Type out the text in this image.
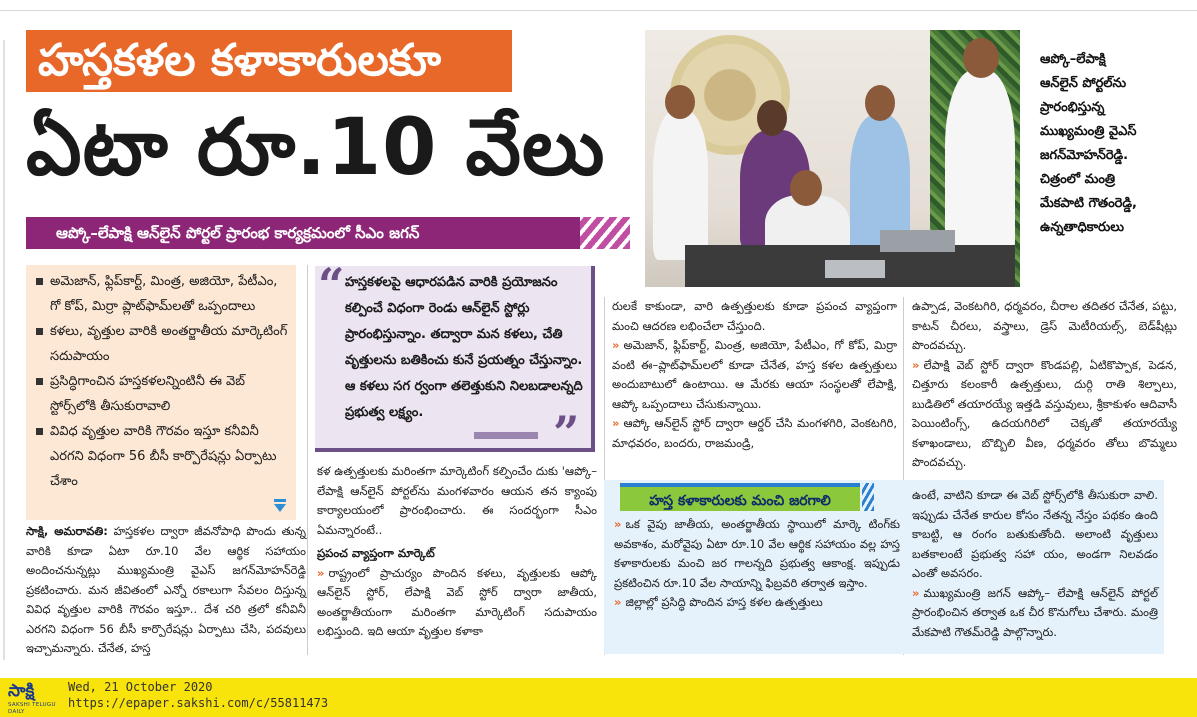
హస్తకళల కళాకారులకూ
ఏటా రూ.10 వేలు
ఆప్కో–లేపాక్షి ఆన్‌లైన్‌ పోర్టల్‌ ప్రారంభ కార్యక్రమంలో సీఎం జగన్‌
ఆప్కో–లేపాక్షి
ఆన్‌లైన్‌ పోర్టల్‌ను
ప్రారంభిస్తున్న
ముఖ్యమంత్రి వైఎస్‌
జగన్‌మోహన్‌రెడ్డి.
చిత్రంలో మంత్రి
మేకపాటి గౌతంరెడ్డి,
ఉన్నతాధికారులు
అమెజాన్, ఫ్లిప్‌కార్ట్, మింత్ర, అజియో, పేటీఎం, గో కోప్, మిర్రా ప్లాట్‌ఫామ్‌లతో ఒప్పందాలు
కళలు, వృత్తుల వారికి అంతర్జాతీయ మార్కెటింగ్‌ సదుపాయం
ప్రసిద్ధిగాంచిన హస్తకళలన్నింటినీ ఈ వెబ్‌ స్టోర్స్‌లోకి తీసుకురావాలి
వివిధ వృత్తుల వారికి గౌరవం ఇస్తూ కనీవినీ ఎరగని విధంగా 56 బీసీ కార్పొరేషన్లు ఏర్పాటు చేశాం
“ హస్తకళలపై ఆధారపడిన వారికి ప్రయోజనం కల్పించే విధంగా రెండు ఆన్‌లైన్‌ స్టోర్లు ప్రారంభిస్తున్నాం. తద్వారా మన కళలు, చేతి వృత్తులను బతికించు కునే ప్రయత్నం చేస్తున్నాం. ఆ కళలు సగ ర్వంగా తలెత్తుకుని నిలబడాలన్నది ప్రభుత్వ లక్ష్యం.	”

సాక్షి, అమరావతి: హస్తకళల ద్వారా జీవనోపాధి పొందు తున్న వారికి కూడా ఏటా రూ.10 వేల ఆర్థిక సహాయం అందించనున్నట్లు ముఖ్యమంత్రి వైఎస్‌ జగన్‌మోహన్‌రెడ్డి ప్రకటించారు. మన జీవితంలో ఎన్నో రకాలుగా సేవలం దిస్తున్న వివిధ వృత్తుల వారికి గౌరవం ఇస్తూ.. దేశ చరి త్రలో కనీవినీ ఎరగని విధంగా 56 బీసీ కార్పొరేషన్లు ఏర్పాటు చేసి, పదవులు ఇచ్చామన్నారు. చేనేత, హస్త

కళ ఉత్పత్తులకు మరింతగా మార్కెటింగ్‌ కల్పించేం దుకు 'ఆప్కో– లేపాక్షి ఆన్‌లైన్‌ పోర్టల్‌ను మంగళవారం ఆయన తన క్యాంపు కార్యాలయంలో ప్రారంభించారు. ఈ సందర్భంగా సీఎం ఏమన్నారంటే..

ప్రపంచ వ్యాప్తంగా మార్కెట్‌

» రాష్ట్రంలో ప్రాచుర్యం పొందిన కళలు, వృత్తులకు ఆప్కో ఆన్‌లైన్‌ స్టోర్, లేపాక్షి వెబ్‌ స్టోర్‌ ద్వారా జాతీయ, అంతర్జాతీయంగా మరింతగా మార్కెటింగ్‌ సదుపాయం లభిస్తుంది. ఇది ఆయా వృత్తుల కళాకా

రులకే కాకుండా, వారి ఉత్పత్తులకు కూడా ప్రపంచ వ్యాప్తంగా మంచి ఆదరణ లభించేలా చేస్తుంది.

» అమెజాన్, ఫ్లిప్‌కార్ట్, మింత్ర, అజియో, పేటీఎం, గో కోప్, మిర్రా వంటి ఈ–ప్లాట్‌ఫామ్‌లలో కూడా చేనేత, హస్త కళల ఉత్పత్తులు అందుబాటులో ఉంటాయి. ఆ మేరకు ఆయా సంస్థలతో లేపాక్షి, ఆప్కో ఒప్పందాలు చేసుకున్నాయి.

» ఆప్కో ఆన్‌లైన్‌ స్టోర్‌ ద్వారా ఆర్డర్‌ చేసి మంగళగిరి, వెంకటగిరి, మాధవరం, బందరు, రాజమండ్రి,

ఉప్పాడ, వెంకటగిరి, ధర్మవరం, చీరాల తదితర చేనేత, పట్టు, కాటన్‌ చీరలు, వస్త్రాలు, డ్రెస్‌ మెటీరియల్స్, బెడ్‌షీట్లు పొందవచ్చు.

» లేపాక్షి వెబ్‌ స్టోర్‌ ద్వారా కొండపల్లి, ఏటికొప్పాక, పెడన, చిత్తూరు కలంకారీ ఉత్పత్తులు, దుర్గి రాతి శిల్పాలు, బుడితిలో తయారయ్యే ఇత్తడి వస్తువులు, శ్రీకాకుళం ఆదివాసీ పెయింటింగ్స్, ఉదయగిరిలో చెక్కతో తయారయ్యే కళాఖండాలు, బొబ్బిలి వీణ, ధర్మవరం తోలు బొమ్మలు పొందవచ్చు.

హస్త కళాకారులకు మంచి జరగాలి

» ఒక వైపు జాతీయ, అంతర్జాతీయ స్థాయిలో మార్కె టింగ్‌కు అవకాశం, మరోవైపు ఏటా రూ.10 వేల ఆర్థిక సహాయం వల్ల హస్త కళాకారులకు మంచి జర గాలన్నది ప్రభుత్వ ఆకాంక్ష. ఇప్పుడు ప్రకటించిన రూ.10 వేల సాయాన్ని ఫిబ్రవరి తర్వాత ఇస్తాం.

» జిల్లాల్లో ప్రసిద్ధి పొందిన హస్త కళల ఉత్పత్తులు

ఉంటే, వాటిని కూడా ఈ వెబ్‌ స్టోర్స్‌లోకి తీసుకురా వాలి. ఇప్పుడు చేనేత కారుల కోసం నేతన్న నేస్తం పథకం ఉంది కాబట్టి, ఆ రంగం బతుకుతోంది. అలాంటి వృత్తులు బతకాలంటే ప్రభుత్వ సహా యం, అండగా నిలవడం ఎంతో అవసరం.

» ముఖ్యమంత్రి జగన్‌ ఆప్కో– లేపాక్షి ఆన్‌లైన్‌ పోర్టల్‌ ప్రారంభించిన తర్వాత ఒక చీర కొనుగోలు చేశారు. మంత్రి మేకపాటి గౌతమ్‌రెడ్డి పాల్గొన్నారు.

సాక్షి
SAKSHI TELUGU DAILY
Wed, 21 October 2020
https://epaper.sakshi.com/c/55811473
